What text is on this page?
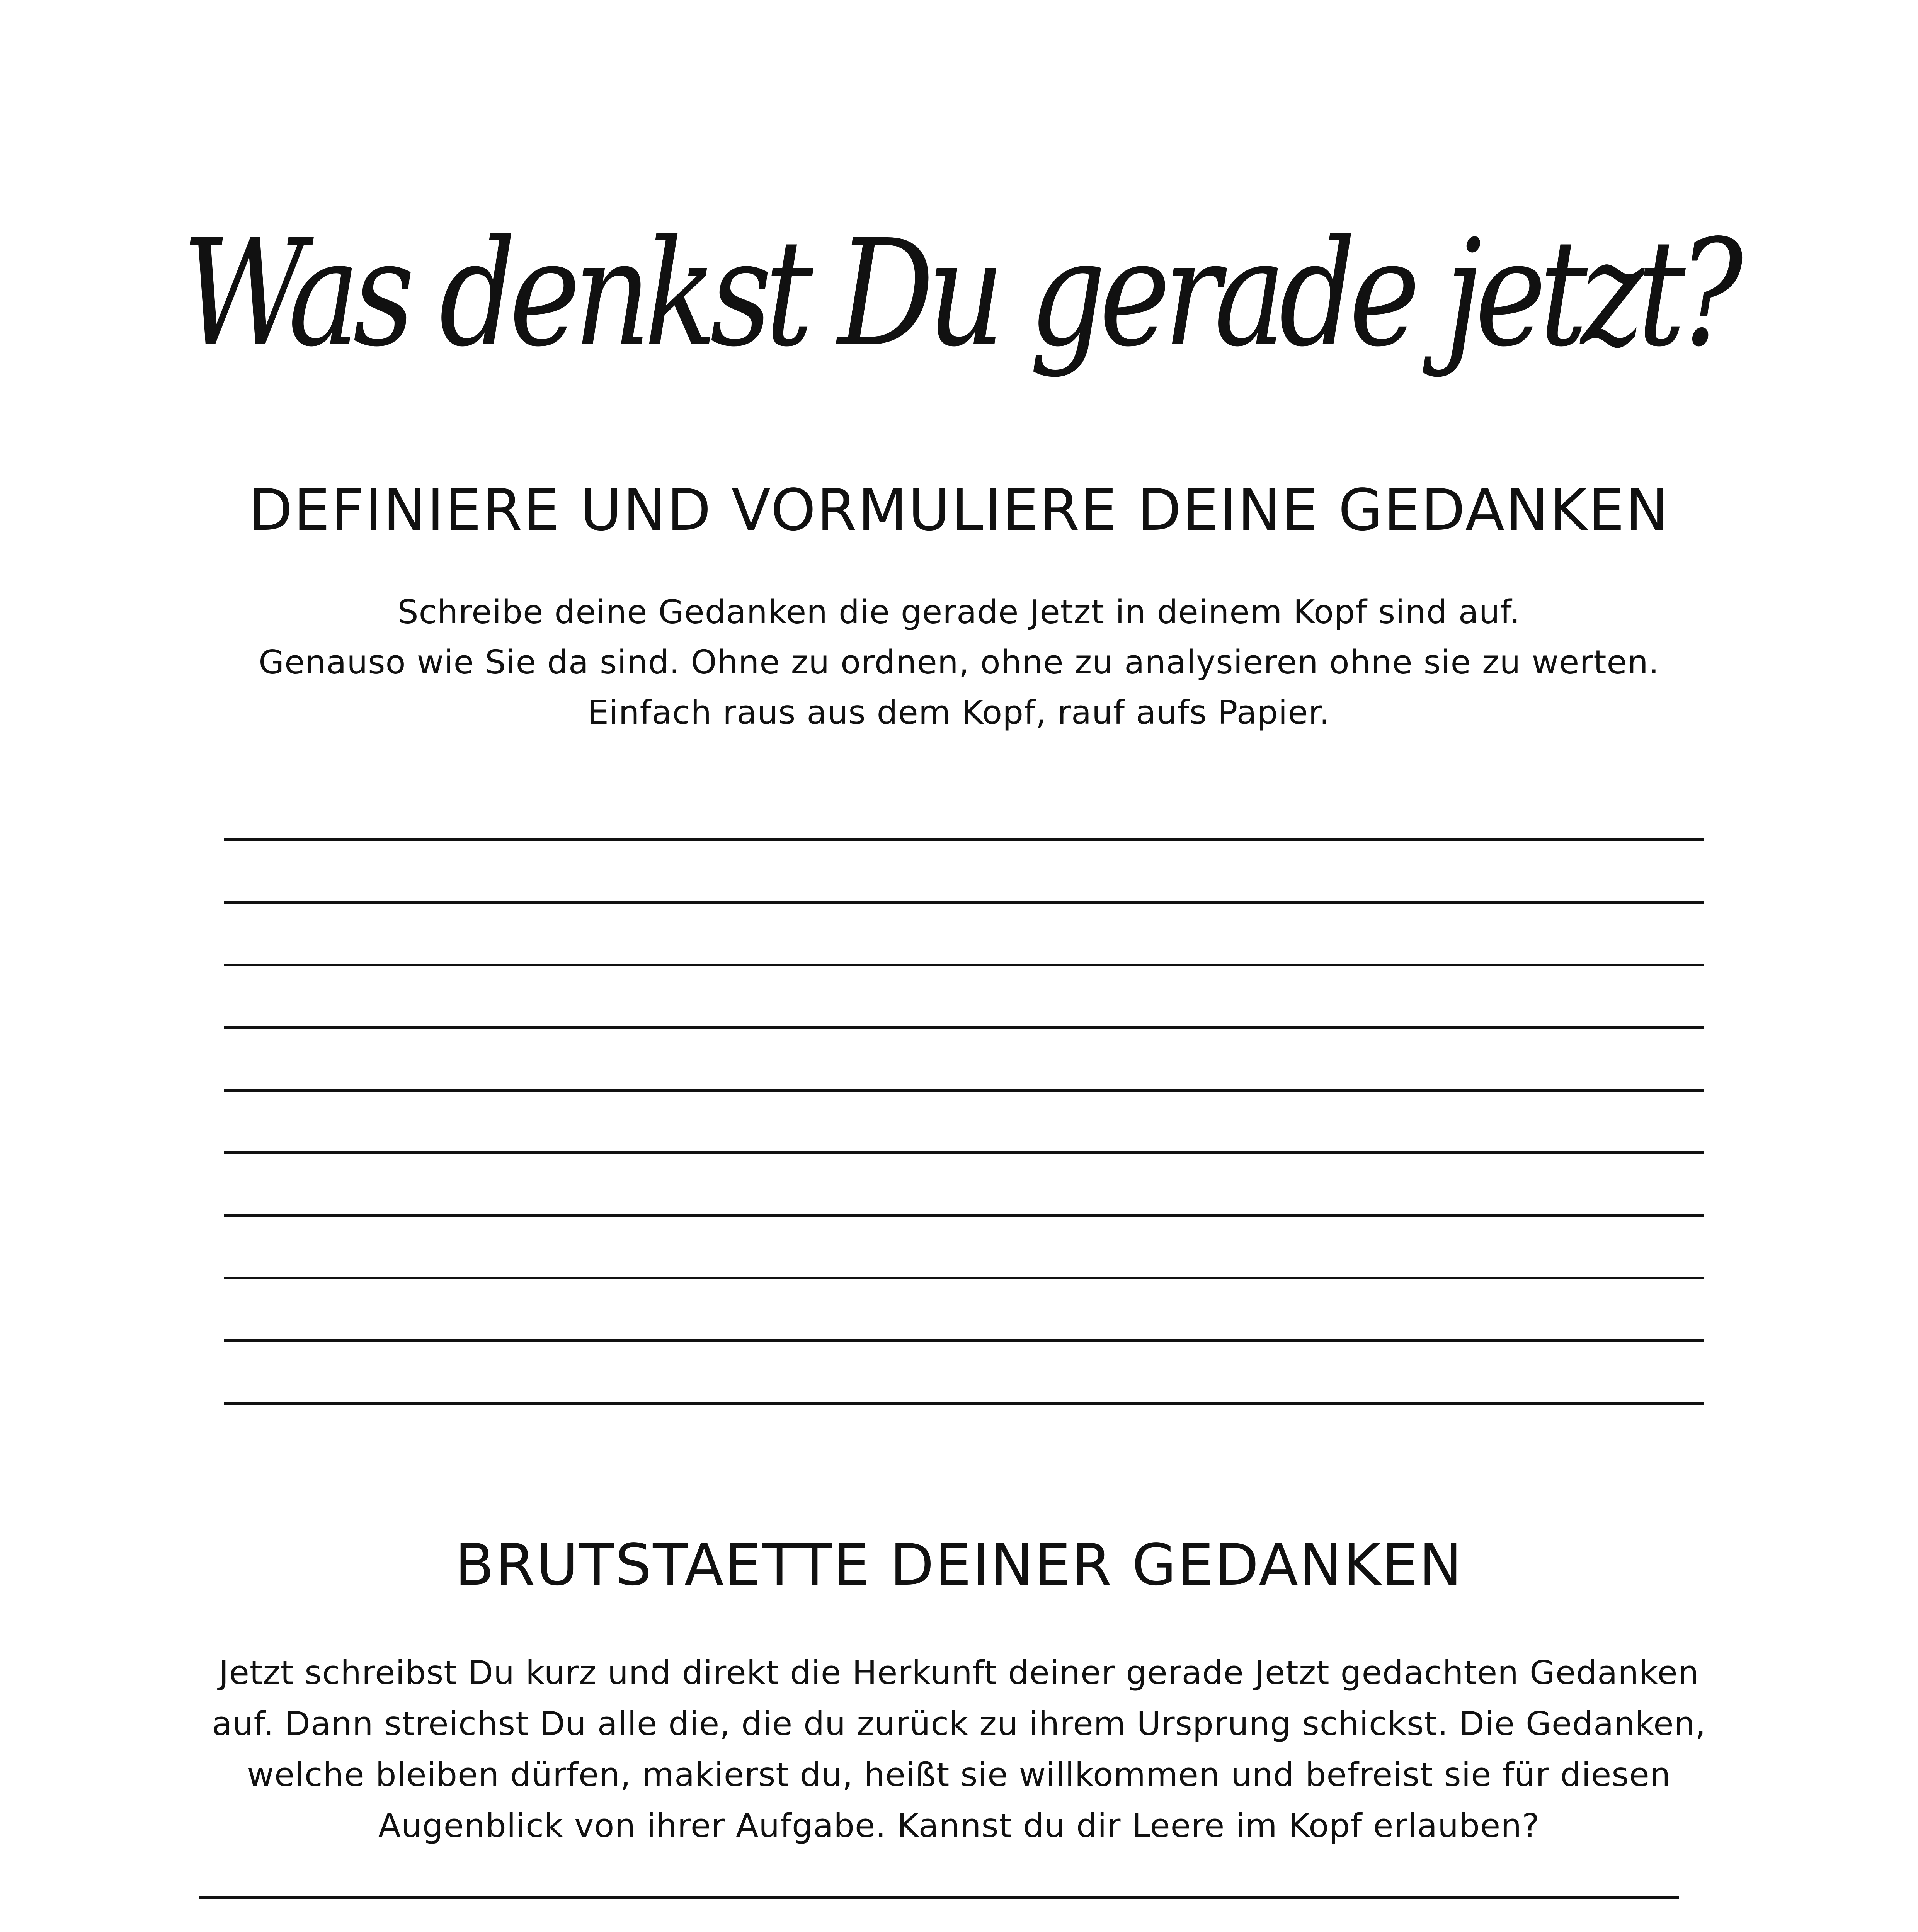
Was denkst Du gerade jetzt?
DEFINIERE UND VORMULIERE DEINE GEDANKEN
Schreibe deine Gedanken die gerade Jetzt in deinem Kopf sind auf.
Genauso wie Sie da sind. Ohne zu ordnen, ohne zu analysieren ohne sie zu werten.
Einfach raus aus dem Kopf, rauf aufs Papier.
BRUTSTAETTE DEINER GEDANKEN
Jetzt schreibst Du kurz und direkt die Herkunft deiner gerade Jetzt gedachten Gedanken
auf. Dann streichst Du alle die, die du zurück zu ihrem Ursprung schickst. Die Gedanken,
welche bleiben dürfen, makierst du, heißt sie willkommen und befreist sie für diesen
Augenblick von ihrer Aufgabe. Kannst du dir Leere im Kopf erlauben?
